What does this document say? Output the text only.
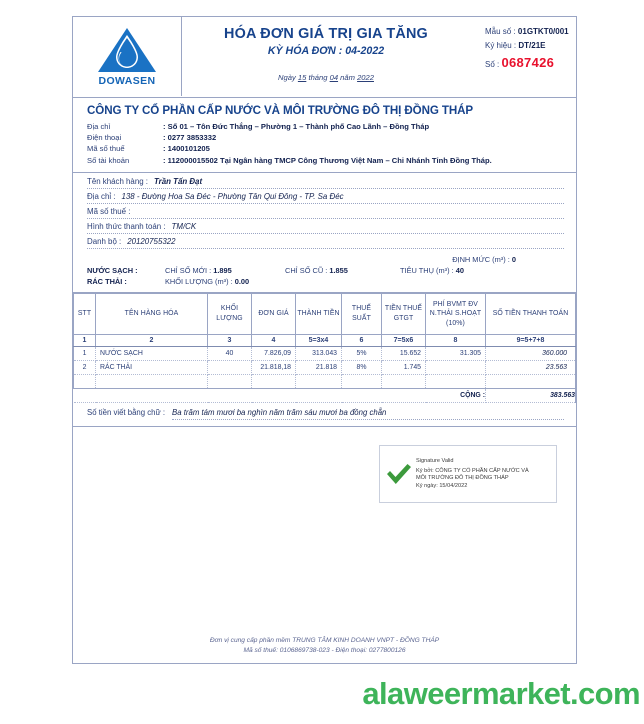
DOWASEN
HÓA ĐƠN GIÁ TRỊ GIA TĂNG
KỲ HÓA ĐƠN : 04-2022
Ngày 15 tháng 04 năm 2022
Mẫu số : 01GTKT0/001
Ký hiệu : DT/21E
Số : 0687426
CÔNG TY CỔ PHẦN CẤP NƯỚC VÀ MÔI TRƯỜNG ĐÔ THỊ ĐỒNG THÁP
Địa chỉ	: Số 01 – Tôn Đức Thắng – Phường 1 – Thành phố Cao Lãnh – Đồng Tháp
Điện thoại	: 0277 3853332
Mã số thuế	: 1400101205
Số tài khoản	: 112000015502 Tại Ngân hàng TMCP Công Thương Việt Nam – Chi Nhánh Tỉnh Đồng Tháp.
Tên khách hàng : Trần Tấn Đạt
Địa chỉ : 138 - Đường Hoa Sa Đéc - Phường Tân Qui Đông - TP. Sa Đéc
Mã số thuế :
Hình thức thanh toán : TM/CK
Danh bộ : 20120755322
ĐỊNH MỨC (m³) : 0
NƯỚC SẠCH :	CHỈ SỐ MỚI : 1.895	CHỈ SỐ CŨ : 1.855	TIÊU THỤ (m³) : 40
RÁC THẢI :	KHỐI LƯỢNG (m³) : 0.00
STT	TÊN HÀNG HÓA	KHỐI LƯỢNG	ĐƠN GIÁ	THÀNH TIỀN	THUẾ SUẤT	TIỀN THUẾ GTGT	PHÍ BVMT ĐV N.THẢI S.HOẠT (10%)	SỐ TIỀN THANH TOÁN
1	2	3	4	5=3x4	6	7=5x6	8	9=5+7+8
1	NƯỚC SẠCH	40	7.826,09	313.043	5%	15.652	31.305	360.000
2	RÁC THẢI		21.818,18	21.818	8%	1.745		23.563

							CỘNG :	383.563
Số tiền viết bằng chữ : Ba trăm tám mươi ba nghìn năm trăm sáu mươi ba đồng chẵn
Signature Valid
Ký bởi: CÔNG TY CỔ PHẦN CẤP NƯỚC VÀ
MÔI TRƯỜNG ĐÔ THỊ ĐỒNG THÁP
Ký ngày: 15/04/2022
Đơn vị cung cấp phần mềm TRUNG TÂM KINH DOANH VNPT - ĐỒNG THÁP
Mã số thuế: 0106869738-023 - Điện thoại: 0277800126
alaweermarket.com
